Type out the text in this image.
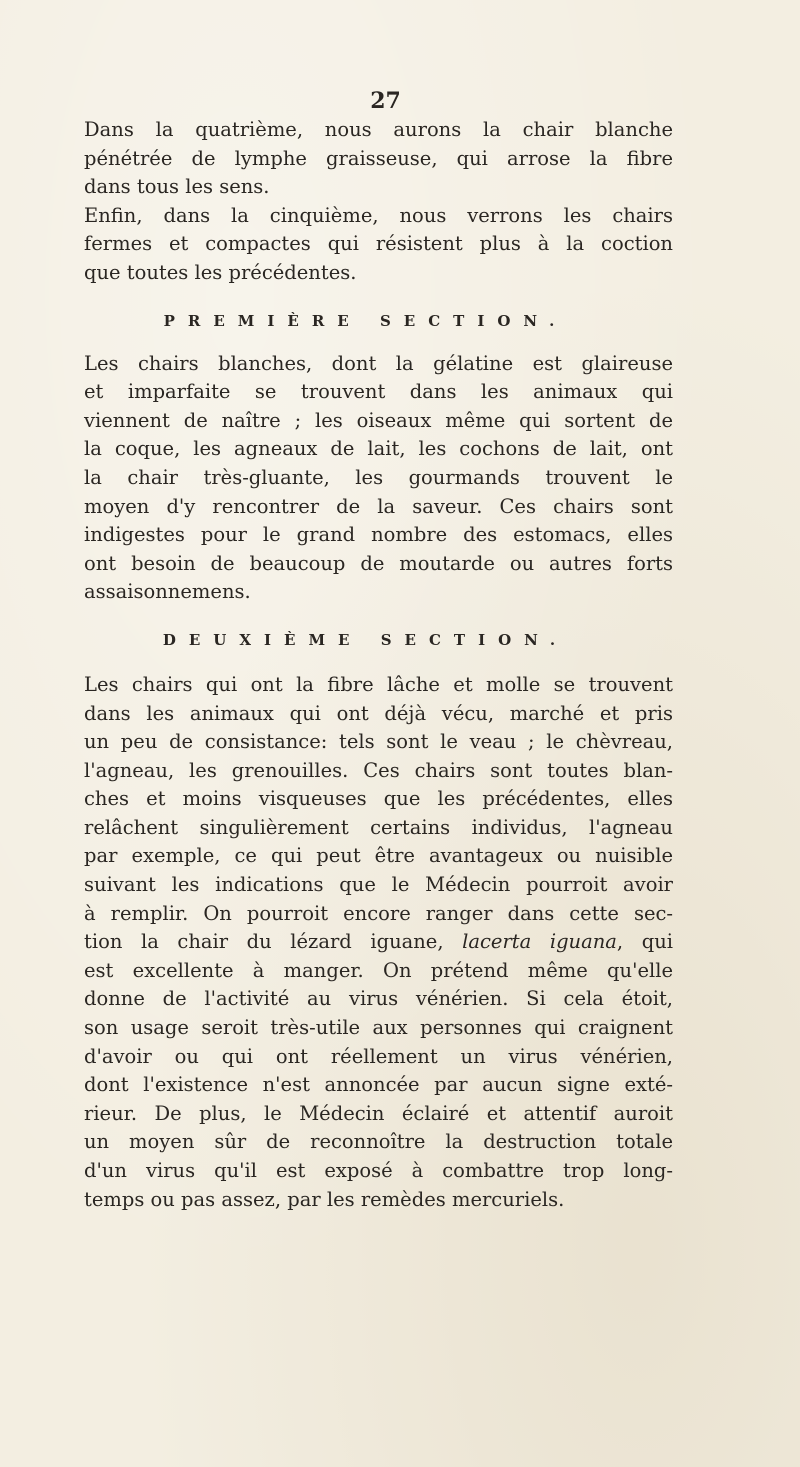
27

Dans la quatrième, nous aurons la chair blanche
pénétrée de lymphe graisseuse, qui arrose la fibre
dans tous les sens.

Enfin, dans la cinquième, nous verrons les chairs
fermes et compactes qui résistent plus à la coction
que toutes les précédentes.

PREMIÈRE SECTION.

Les chairs blanches, dont la gélatine est glaireuse
et imparfaite se trouvent dans les animaux qui
viennent de naître ; les oiseaux même qui sortent de
la coque, les agneaux de lait, les cochons de lait, ont
la chair très-gluante, les gourmands trouvent le
moyen d'y rencontrer de la saveur. Ces chairs sont
indigestes pour le grand nombre des estomacs, elles
ont besoin de beaucoup de moutarde ou autres forts
assaisonnemens.

DEUXIÈME SECTION.

Les chairs qui ont la fibre lâche et molle se trouvent
dans les animaux qui ont déjà vécu, marché et pris
un peu de consistance: tels sont le veau ; le chèvreau,
l'agneau, les grenouilles. Ces chairs sont toutes blan-
ches et moins visqueuses que les précédentes, elles
relâchent singulièrement certains individus, l'agneau
par exemple, ce qui peut être avantageux ou nuisible
suivant les indications que le Médecin pourroit avoir
à remplir. On pourroit encore ranger dans cette sec-
tion la chair du lézard iguane, lacerta iguana, qui
est excellente à manger. On prétend même qu'elle
donne de l'activité au virus vénérien. Si cela étoit,
son usage seroit très-utile aux personnes qui craignent
d'avoir ou qui ont réellement un virus vénérien,
dont l'existence n'est annoncée par aucun signe exté-
rieur. De plus, le Médecin éclairé et attentif auroit
un moyen sûr de reconnoître la destruction totale
d'un virus qu'il est exposé à combattre trop long-
temps ou pas assez, par les remèdes mercuriels.
